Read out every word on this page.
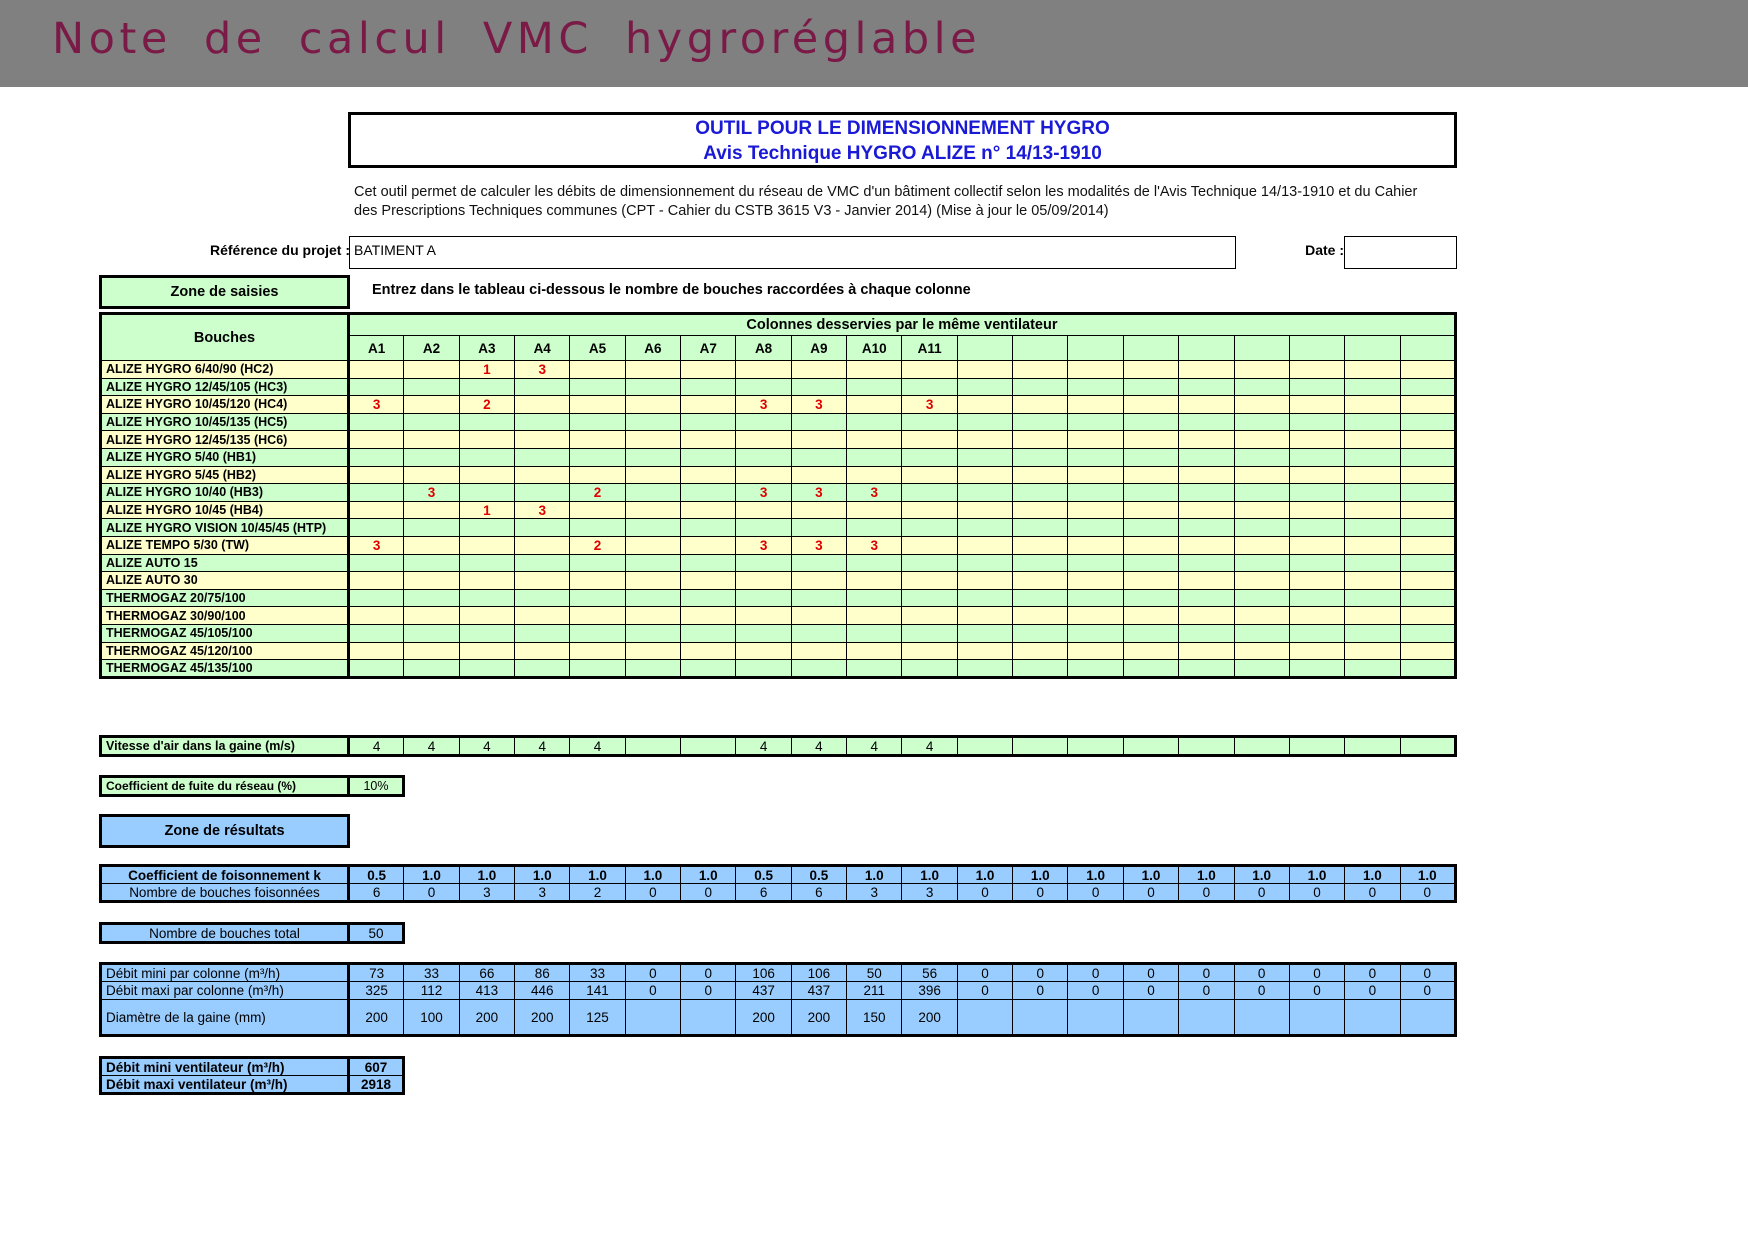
Note de calcul VMC hygroréglable
OUTIL POUR LE DIMENSIONNEMENT HYGRO
Avis Technique HYGRO ALIZE n° 14/13-1910
Cet outil permet de calculer les débits de dimensionnement du réseau de VMC d'un bâtiment collectif selon les modalités de l'Avis Technique 14/13-1910 et du Cahier
des Prescriptions Techniques communes (CPT - Cahier du CSTB 3615 V3 - Janvier 2014) (Mise à jour le 05/09/2014)
Référence du projet : BATIMENT A	Date :
Zone de saisies	Entrez dans le tableau ci-dessous le nombre de bouches raccordées à chaque colonne
Bouches	Colonnes desservies par le même ventilateur																			
	A1	A2	A3	A4	A5	A6	A7	A8	A9	A10	A11									
ALIZE HYGRO 6/40/90 (HC2)			1	3																
ALIZE HYGRO 12/45/105 (HC3)																				
ALIZE HYGRO 10/45/120 (HC4)	3		2					3	3		3									
ALIZE HYGRO 10/45/135 (HC5)																				
ALIZE HYGRO 12/45/135 (HC6)																				
ALIZE HYGRO 5/40 (HB1)																				
ALIZE HYGRO 5/45 (HB2)																				
ALIZE HYGRO 10/40 (HB3)		3			2			3	3	3										
ALIZE HYGRO 10/45 (HB4)			1	3																
ALIZE HYGRO VISION 10/45/45 (HTP)																				
ALIZE TEMPO 5/30 (TW)	3				2			3	3	3										
ALIZE AUTO 15																				
ALIZE AUTO 30																				
THERMOGAZ 20/75/100																				
THERMOGAZ 30/90/100																				
THERMOGAZ 45/105/100																				
THERMOGAZ 45/120/100																				
THERMOGAZ 45/135/100																				
Vitesse d'air dans la gaine (m/s)	4	4	4	4	4			4	4	4	4									
Coefficient de fuite du réseau (%)	10%
Zone de résultats
Coefficient de foisonnement k	0.5	1.0	1.0	1.0	1.0	1.0	1.0	0.5	0.5	1.0	1.0	1.0	1.0	1.0	1.0	1.0	1.0	1.0	1.0	1.0
Nombre de bouches foisonnées	6	0	3	3	2	0	0	6	6	3	3	0	0	0	0	0	0	0	0	0
Nombre de bouches total	50
Débit mini par colonne (m³/h)	73	33	66	86	33	0	0	106	106	50	56	0	0	0	0	0	0	0	0	0
Débit maxi par colonne (m³/h)	325	112	413	446	141	0	0	437	437	211	396	0	0	0	0	0	0	0	0	0
Diamètre de la gaine (mm)	200	100	200	200	125			200	200	150	200									
Débit mini ventilateur (m³/h)	607
Débit maxi ventilateur (m³/h)	2918
